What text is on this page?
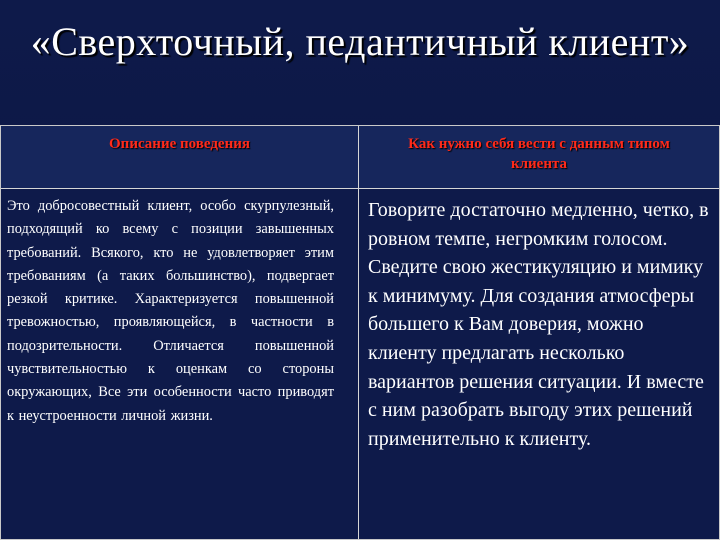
«Сверхточный, педантичный клиент»
Описание поведения	Как нужно себя вести с данным типом клиента
Это добросовестный клиент, особо скурпулезный, подходящий ко всему с позиции завышенных требований. Всякого, кто не удовлетворяет этим требованиям (а таких большинство), подвергает резкой критике. Характеризуется повышенной тревожностью, проявляющейся, в частности в подозрительности. Отличается повышенной чувствительностью к оценкам со стороны окружающих, Все эти особенности часто приводят к неустроенности личной жизни.
Говорите достаточно медленно, четко, в ровном темпе, негромким голосом. Сведите свою жестикуляцию и мимику к минимуму. Для создания атмосферы большего к Вам доверия, можно клиенту предлагать несколько вариантов решения ситуации. И вместе с ним разобрать выгоду этих решений применительно к клиенту.
